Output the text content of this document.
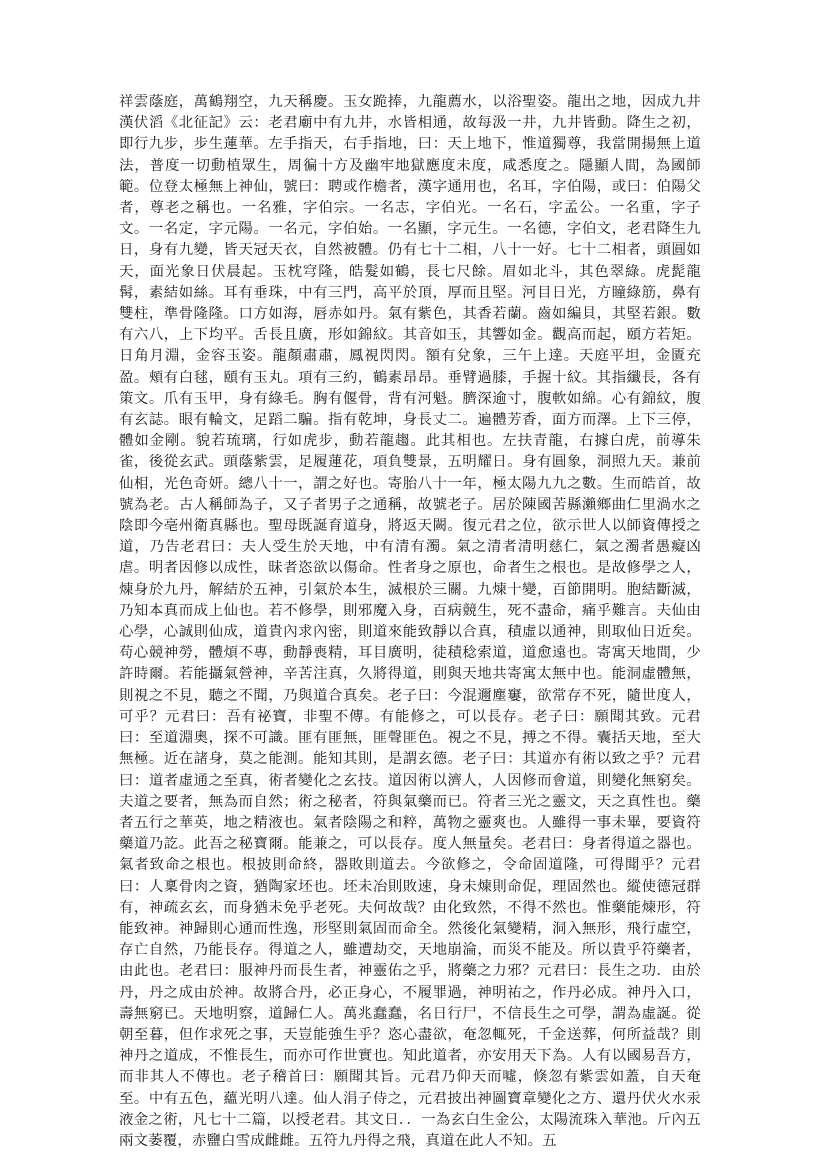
祥雲蔭庭，萬鶴翔空，九天稱慶。玉女跪捧，九龍薦水，以浴聖姿。龍出之地，因成九井漢伏滔《北征記》云：老君廟中有九井，水皆相通，故每汲一井，九井皆動。降生之初，即行九步，步生蓮華。左手指天，右手指地，曰：天上地下，惟道獨尊，我當開揚無上道法，普度一切動植眾生，周徧十方及幽牢地獄應度未度，咸悉度之。隱顯人間，為國師範。位登太極無上神仙，號曰：聘或作檐者，漢字通用也，名耳，字伯陽，或曰：伯陽父者，尊老之稱也。一名雅，字伯宗。一名志，字伯光。一名石，字孟公。一名重，字子文。一名定，字元陽。一名元，字伯始。一名顯，字元生。一名德，字伯文，老君降生九日，身有九變，皆天冠天衣，自然被體。仍有七十二相，八十一好。七十二相者，頭圓如天，面光象日伏晨起。玉枕穹隆，皓髮如鶴，長七尺餘。眉如北斗，其色翠綠。虎髭龍髯，素結如絲。耳有垂珠，中有三門，高平於頂，厚而且堅。河目日光，方瞳綠筋，鼻有雙柱，準骨隆隆。口方如海，唇赤如丹。氣有紫色，其香若蘭。齒如編貝，其堅若銀。數有六八，上下均平。舌長且廣，形如錦紋。其音如玉，其響如金。觀高而起，頤方若矩。日角月淵，金容玉姿。龍顏肅肅，鳳視閃閃。額有兌象，三午上達。天庭平坦，金匱充盈。頰有白毬，頤有玉丸。項有三約，鶴素昂昂。垂臂過膝，手握十紋。其指纖長，各有策文。爪有玉甲，身有綠毛。胸有偃骨，背有河魁。臍深逾寸，腹軟如綿。心有錦紋，腹有玄誌。眼有輪文，足蹈二騙。指有乾坤，身長丈二。遍體芳香，面方而澤。上下三停，體如金剛。貌若琉璃，行如虎步，動若龍趨。此其相也。左扶青龍，右據白虎，前導朱雀，後從玄武。頭蔭紫雲，足履蓮花，項負雙景，五明耀日。身有圓象，洞照九天。兼前仙相，光色奇妍。總八十一，謂之好也。寄胎八十一年，極太陽九九之數。生而皓首，故號為老。古人稱師為子，又子者男子之通稱，故號老子。居於陳國苦縣瀨鄉曲仁里渦水之陰即今亳州衛真縣也。聖母既誕育道身，將返天闕。復元君之位，欲示世人以師資傳授之道，乃告老君曰：夫人受生於天地，中有清有濁。氣之清者清明慈仁，氣之濁者愚癡凶虐。明者因修以成性，昧者恣欲以傷命。性者身之原也，命者生之根也。是故修學之人，煉身於九丹，解結於五神，引氣於本生，滅根於三關。九煉十變，百節開明。胞結斷滅，乃知本真而成上仙也。若不修學，則邪魔入身，百病競生，死不盡命，痛乎難言。夫仙由心學，心誠則仙成，道貴內求內密，則道來能致靜以合真，積虛以通神，則取仙日近矣。苟心競神勞，體煩不專，動靜喪精，耳目廣明，徒積稔索道，道愈遠也。寄寓天地間，少許時爾。若能攝氣營神，辛苦注真，久將得道，則與天地共寄寓太無中也。能洞虛體無，則視之不見，聽之不聞，乃與道合真矣。老子曰：今混邇塵窶，欲常存不死，隨世度人，可乎？元君曰：吾有祕寶，非聖不傳。有能修之，可以長存。老子曰：願聞其致。元君曰：至道淵奧，探不可識。匪有匪無，匪聲匪色。視之不見，搏之不得。囊括天地，至大無極。近在諸身，莫之能測。能知其則，是謂玄德。老子曰：其道亦有術以致之乎？元君曰：道者虛通之至真，術者變化之玄技。道因術以濟人，人因修而會道，則變化無窮矣。夫道之要者，無為而自然；術之秘者，符與氣藥而已。符者三光之靈文，天之真性也。藥者五行之華英，地之精液也。氣者陰陽之和粹，萬物之靈爽也。人雖得一事未畢，要資符藥道乃訖。此吾之秘寶爾。能兼之，可以長存。度人無量矣。老君曰：身者得道之器也。氣者致命之根也。根披則命終，器敗則道去。今欲修之，令命固道隆，可得聞乎？元君曰：人稟骨肉之資，猶陶家坯也。坯未冶則敗速，身未煉則命促，理固然也。縱使德冠群有，神疏玄玄，而身猶未免乎老死。夫何故哉？由化致然，不得不然也。惟藥能煉形，符能致神。神歸則心通而性逸，形堅則氣固而命全。然後化氣變精，洞入無形，飛行虛空，存亡自然，乃能長存。得道之人，雖遭劫交，天地崩淪，而災不能及。所以貴乎符藥者，由此也。老君曰：服神丹而長生者，神靈佑之乎，將藥之力邪？元君曰：長生之功．由於丹，丹之成由於神。故將合丹，必正身心，不履罪過，神明祐之，作丹必成。神丹入口，壽無窮已。天地明察，道歸仁人。萬兆蠢蠢，名日行尸，不信長生之可學，謂為虛誕。從朝至暮，但作求死之事，天豈能強生乎？恣心盡欲，奄忽輒死，千金送葬，何所益哉？則神丹之道成，不惟長生，而亦可作世實也。知此道者，亦安用天下為。人有以國易吾方，而非其人不傳也。老子稽首曰：願聞其旨。元君乃仰天而噓，倏忽有紫雲如蓋，自天奄至。中有五色，蘊光明八達。仙人涓子侍之，元君披出神圖寶章變化之方、還丹伏火水汞液金之術，凡七十二篇，以授老君。其文日．．一為玄白生金公，太陽流珠入華池。斤內五兩文萎覆，赤鹽白雪成雌雌。五符九丹得之飛，真道在此人不知。五
